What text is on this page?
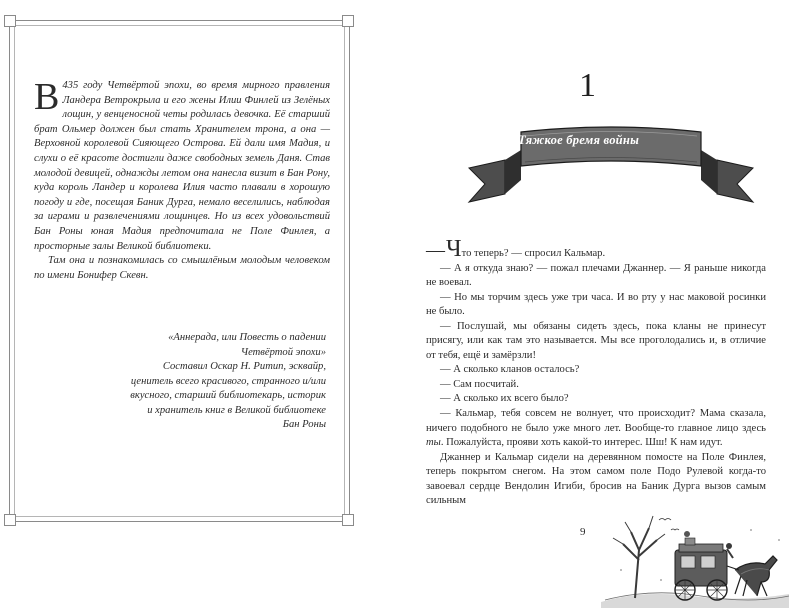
В 435 году Четвёртой эпохи, во время мирного правления Ландера Ветрокрыла и его жены Илии Финлей из Зелёных лощин, у венценосной четы родилась девочка. Её старший брат Ольмер должен был стать Хранителем трона, а она — Верховной королевой Сияющего Острова. Ей дали имя Мадия, и слухи о её красоте достигли даже свободных земель Даня. Став молодой девицей, однажды летом она нанесла визит в Бан Рону, куда король Ландер и королева Илия часто плавали в хорошую погоду и где, посещая Баник Дурга, немало веселились, наблюдая за играми и развлечениями лощинцев. Но из всех удовольствий Бан Роны юная Мадия предпочитала не Поле Финлея, а просторные залы Великой библиотеки.

Там она и познакомилась со смышлёным молодым человеком по имени Бонифер Скевн.

«Аннерада, или Повесть о падении
Четвёртой эпохи»
Составил Оскар Н. Ритип, эсквайр,
ценитель всего красивого, странного и/или
вкусного, старший библиотекарь, историк
и хранитель книг в Великой библиотеке
Бан Роны
1
Тяжкое бремя войны

—Что теперь? — спросил Кальмар.

— А я откуда знаю? — пожал плечами Джаннер. — Я раньше никогда не воевал.

— Но мы торчим здесь уже три часа. И во рту у нас маковой росинки не было.

— Послушай, мы обязаны сидеть здесь, пока кланы не принесут присягу, или как там это называется. Мы все проголодались и, в отличие от тебя, ещё и замёрзли!

— А сколько кланов осталось?

— Сам посчитай.

— А сколько их всего было?

— Кальмар, тебя совсем не волнует, что происходит? Мама сказала, ничего подобного не было уже много лет. Вообще-то главное лицо здесь ты. Пожалуйста, прояви хоть какой-то интерес. Шш! К нам идут.

Джаннер и Кальмар сидели на деревянном помосте на Поле Финлея, теперь покрытом снегом. На этом самом поле Подо Рулевой когда-то завоевал сердце Вендолин Игиби, бросив на Баник Дурга вызов самым сильным

9
